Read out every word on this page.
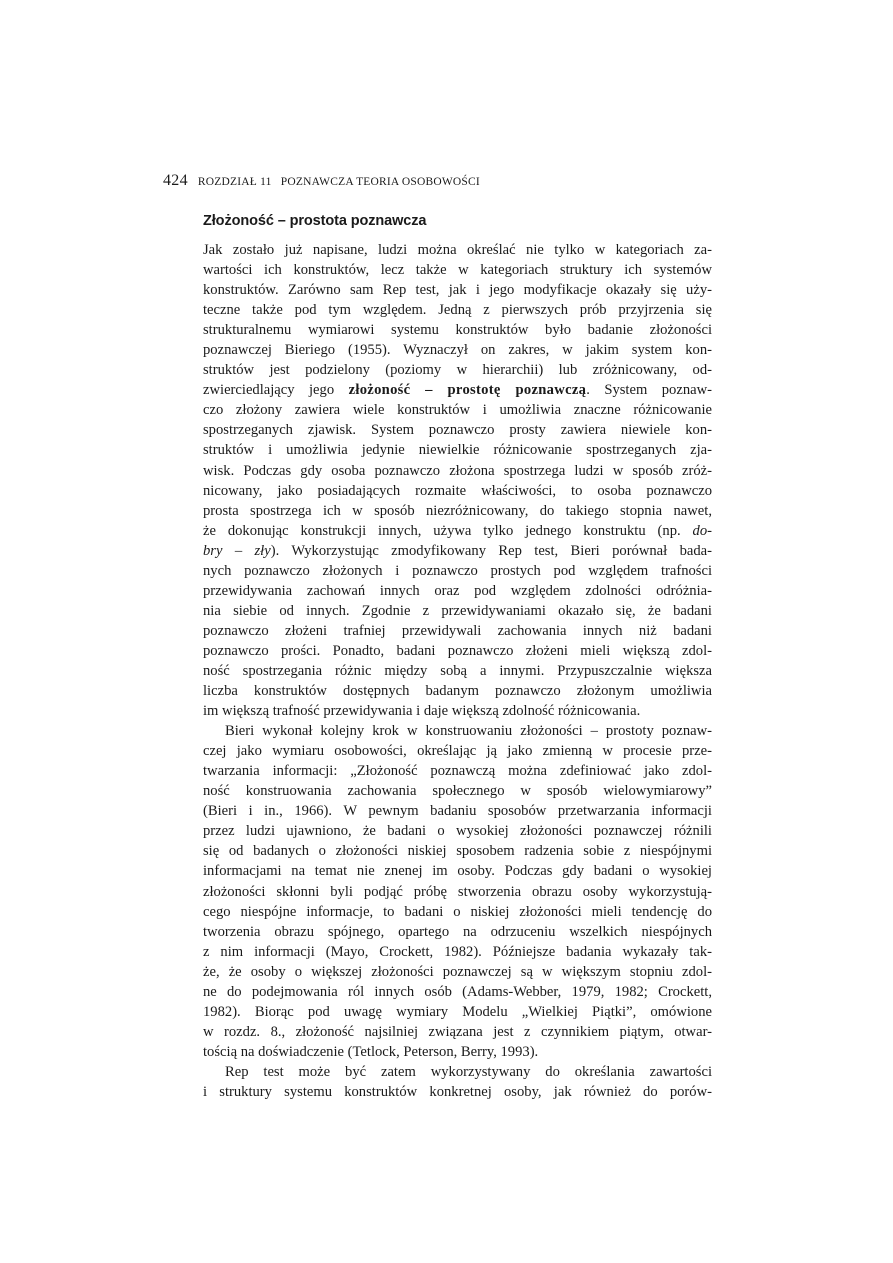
424 ROZDZIAŁ 11   POZNAWCZA TEORIA OSOBOWOŚCI
Złożoność – prostota poznawcza

Jak zostało już napisane, ludzi można określać nie tylko w kategoriach za-
wartości ich konstruktów, lecz także w kategoriach struktury ich systemów
konstruktów. Zarówno sam Rep test, jak i jego modyfikacje okazały się uży-
teczne także pod tym względem. Jedną z pierwszych prób przyjrzenia się
strukturalnemu wymiarowi systemu konstruktów było badanie złożoności
poznawczej Bieriego (1955). Wyznaczył on zakres, w jakim system kon-
struktów jest podzielony (poziomy w hierarchii) lub zróżnicowany, od-
zwierciedlający jego złożoność – prostotę poznawczą. System poznaw-
czo złożony zawiera wiele konstruktów i umożliwia znaczne różnicowanie
spostrzeganych zjawisk. System poznawczo prosty zawiera niewiele kon-
struktów i umożliwia jedynie niewielkie różnicowanie spostrzeganych zja-
wisk. Podczas gdy osoba poznawczo złożona spostrzega ludzi w sposób zróż-
nicowany, jako posiadających rozmaite właściwości, to osoba poznawczo
prosta spostrzega ich w sposób niezróżnicowany, do takiego stopnia nawet,
że dokonując konstrukcji innych, używa tylko jednego konstruktu (np. do-
bry – zły). Wykorzystując zmodyfikowany Rep test, Bieri porównał bada-
nych poznawczo złożonych i poznawczo prostych pod względem trafności
przewidywania zachowań innych oraz pod względem zdolności odróżnia-
nia siebie od innych. Zgodnie z przewidywaniami okazało się, że badani
poznawczo złożeni trafniej przewidywali zachowania innych niż badani
poznawczo prości. Ponadto, badani poznawczo złożeni mieli większą zdol-
ność spostrzegania różnic między sobą a innymi. Przypuszczalnie większa
liczba konstruktów dostępnych badanym poznawczo złożonym umożliwia
im większą trafność przewidywania i daje większą zdolność różnicowania.

Bieri wykonał kolejny krok w konstruowaniu złożoności – prostoty poznaw-
czej jako wymiaru osobowości, określając ją jako zmienną w procesie prze-
twarzania informacji: „Złożoność poznawczą można zdefiniować jako zdol-
ność konstruowania zachowania społecznego w sposób wielowymiarowy”
(Bieri i in., 1966). W pewnym badaniu sposobów przetwarzania informacji
przez ludzi ujawniono, że badani o wysokiej złożoności poznawczej różnili
się od badanych o złożoności niskiej sposobem radzenia sobie z niespójnymi
informacjami na temat nie znenej im osoby. Podczas gdy badani o wysokiej
złożoności skłonni byli podjąć próbę stworzenia obrazu osoby wykorzystują-
cego niespójne informacje, to badani o niskiej złożoności mieli tendencję do
tworzenia obrazu spójnego, opartego na odrzuceniu wszelkich niespójnych
z nim informacji (Mayo, Crockett, 1982). Późniejsze badania wykazały tak-
że, że osoby o większej złożoności poznawczej są w większym stopniu zdol-
ne do podejmowania ról innych osób (Adams-Webber, 1979, 1982; Crockett,
1982). Biorąc pod uwagę wymiary Modelu „Wielkiej Piątki”, omówione
w rozdz. 8., złożoność najsilniej związana jest z czynnikiem piątym, otwar-
tością na doświadczenie (Tetlock, Peterson, Berry, 1993).

Rep test może być zatem wykorzystywany do określania zawartości
i struktury systemu konstruktów konkretnej osoby, jak również do porów-
